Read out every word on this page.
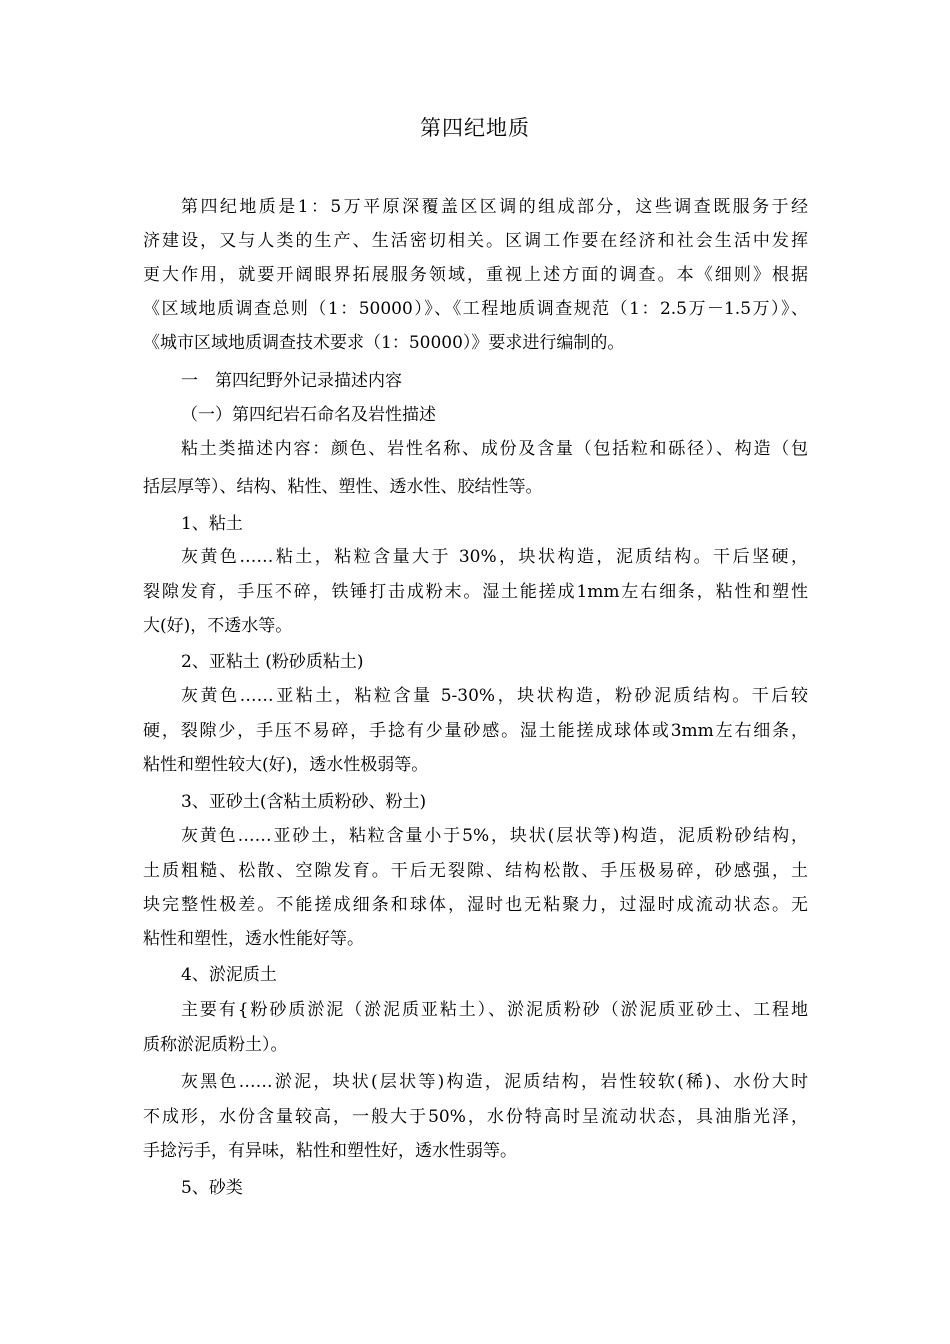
第四纪地质
第四纪地质是1：5万平原深覆盖区区调的组成部分，这些调查既服务于经
济建设，又与人类的生产、生活密切相关。区调工作要在经济和社会生活中发挥
更大作用，就要开阔眼界拓展服务领域，重视上述方面的调查。本《细则》根据
《区域地质调查总则（1：50000）》、《工程地质调查规范（1：2.5万－1.5万）》、
《城市区域地质调查技术要求（1：50000）》要求进行编制的。
一　第四纪野外记录描述内容
（一）第四纪岩石命名及岩性描述
粘土类描述内容：颜色、岩性名称、成份及含量（包括粒和砾径）、构造（包
括层厚等）、结构、粘性、塑性、透水性、胶结性等。
1、粘土
灰黄色……粘土，粘粒含量大于 30%，块状构造，泥质结构。干后坚硬，
裂隙发育，手压不碎，铁锤打击成粉末。湿土能搓成1mm左右细条，粘性和塑性
大(好)，不透水等。
2、亚粘土 (粉砂质粘土)
灰黄色……亚粘土，粘粒含量 5-30%，块状构造，粉砂泥质结构。干后较
硬，裂隙少，手压不易碎，手捻有少量砂感。湿土能搓成球体或3mm左右细条，
粘性和塑性较大(好)，透水性极弱等。
3、亚砂土(含粘土质粉砂、粉土)
灰黄色……亚砂土，粘粒含量小于5%，块状(层状等)构造，泥质粉砂结构，
土质粗糙、松散、空隙发育。干后无裂隙、结构松散、手压极易碎，砂感强，土
块完整性极差。不能搓成细条和球体，湿时也无粘聚力，过湿时成流动状态。无
粘性和塑性，透水性能好等。
4、淤泥质土
主要有{粉砂质淤泥（淤泥质亚粘土）、淤泥质粉砂（淤泥质亚砂土、工程地
质称淤泥质粉土）。
灰黑色……淤泥，块状(层状等)构造，泥质结构，岩性较软(稀)、水份大时
不成形，水份含量较高，一般大于50%，水份特高时呈流动状态，具油脂光泽，
手捻污手，有异味，粘性和塑性好，透水性弱等。
5、砂类
